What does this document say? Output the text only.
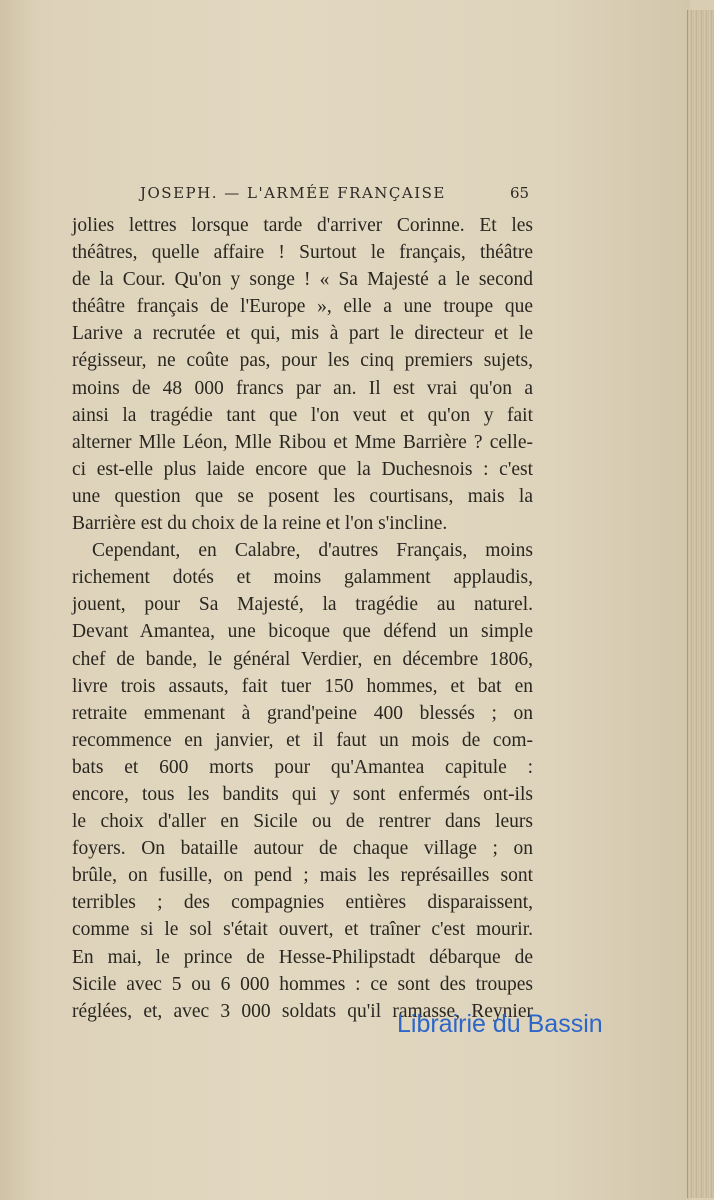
JOSEPH. — L'ARMÉE FRANÇAISE	65
jolies lettres lorsque tarde d'arriver Corinne. Et les
théâtres, quelle affaire ! Surtout le français, théâtre
de la Cour. Qu'on y songe ! « Sa Majesté a le second
théâtre français de l'Europe », elle a une troupe que
Larive a recrutée et qui, mis à part le directeur et le
régisseur, ne coûte pas, pour les cinq premiers sujets,
moins de 48 000 francs par an. Il est vrai qu'on a
ainsi la tragédie tant que l'on veut et qu'on y fait
alterner Mlle Léon, Mlle Ribou et Mme Barrière ? celle-
ci est-elle plus laide encore que la Duchesnois : c'est
une question que se posent les courtisans, mais la
Barrière est du choix de la reine et l'on s'incline.
Cependant, en Calabre, d'autres Français, moins
richement dotés et moins galamment applaudis,
jouent, pour Sa Majesté, la tragédie au naturel.
Devant Amantea, une bicoque que défend un simple
chef de bande, le général Verdier, en décembre 1806,
livre trois assauts, fait tuer 150 hommes, et bat en
retraite emmenant à grand'peine 400 blessés ; on
recommence en janvier, et il faut un mois de com-
bats et 600 morts pour qu'Amantea capitule :
encore, tous les bandits qui y sont enfermés ont-ils
le choix d'aller en Sicile ou de rentrer dans leurs
foyers. On bataille autour de chaque village ; on
brûle, on fusille, on pend ; mais les représailles sont
terribles ; des compagnies entières disparaissent,
comme si le sol s'était ouvert, et traîner c'est mourir.
En mai, le prince de Hesse-Philipstadt débarque de
Sicile avec 5 ou 6 000 hommes : ce sont des troupes
réglées, et, avec 3 000 soldats qu'il ramasse, Reynier
Librairie du Bassin
